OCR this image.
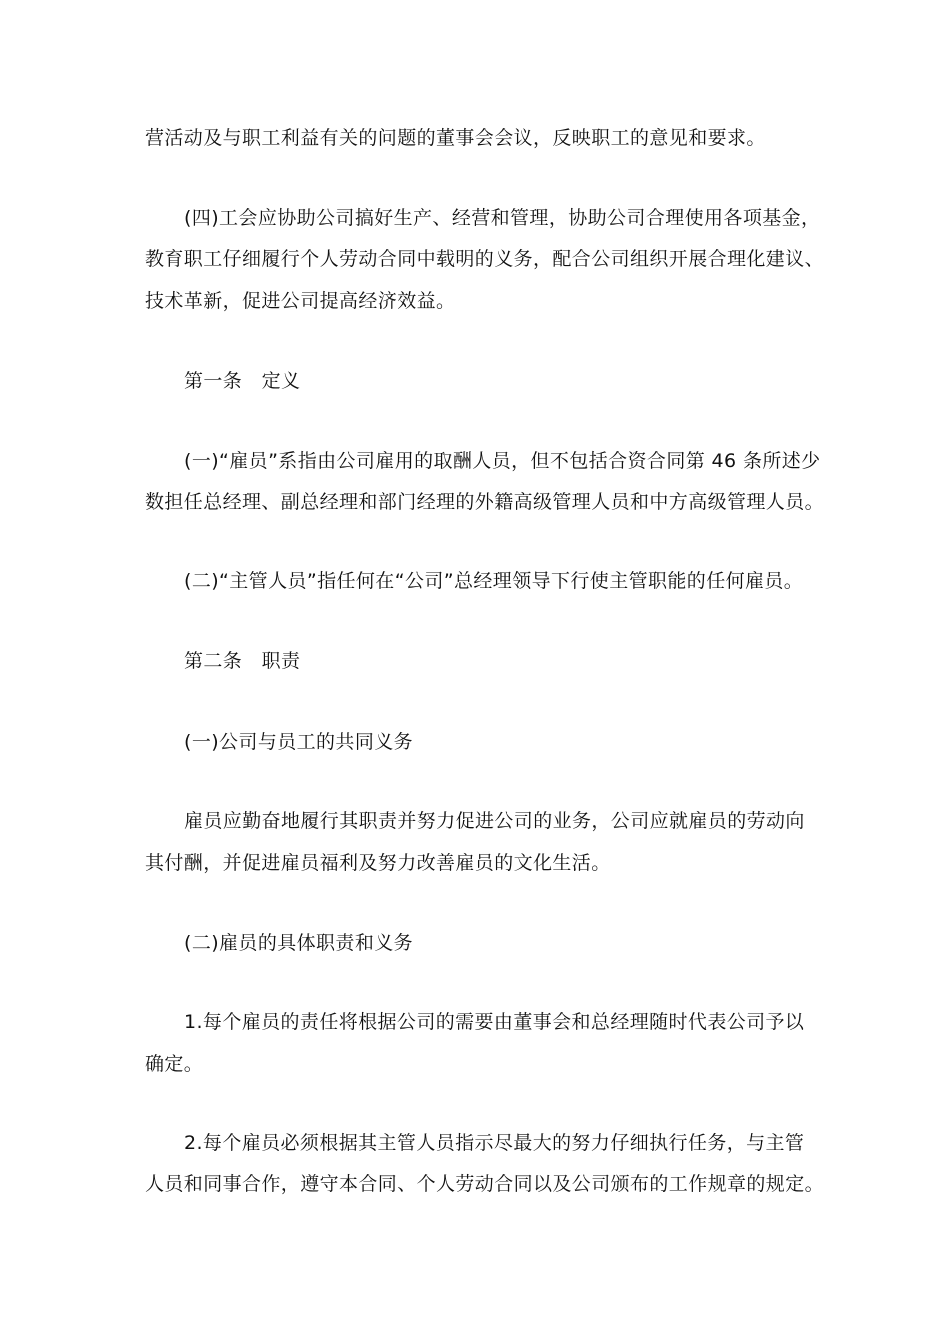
营活动及与职工利益有关的问题的董事会会议，反映职工的意见和要求。

(四)工会应协助公司搞好生产、经营和管理，协助公司合理使用各项基金，

教育职工仔细履行个人劳动合同中载明的义务，配合公司组织开展合理化建议、

技术革新，促进公司提高经济效益。

第一条　定义

(一)“雇员”系指由公司雇用的取酬人员，但不包括合资合同第 46 条所述少

数担任总经理、副总经理和部门经理的外籍高级管理人员和中方高级管理人员。

(二)“主管人员”指任何在“公司”总经理领导下行使主管职能的任何雇员。

第二条　职责

(一)公司与员工的共同义务

雇员应勤奋地履行其职责并努力促进公司的业务，公司应就雇员的劳动向

其付酬，并促进雇员福利及努力改善雇员的文化生活。

(二)雇员的具体职责和义务

1.每个雇员的责任将根据公司的需要由董事会和总经理随时代表公司予以

确定。

2.每个雇员必须根据其主管人员指示尽最大的努力仔细执行任务，与主管

人员和同事合作，遵守本合同、个人劳动合同以及公司颁布的工作规章的规定。
